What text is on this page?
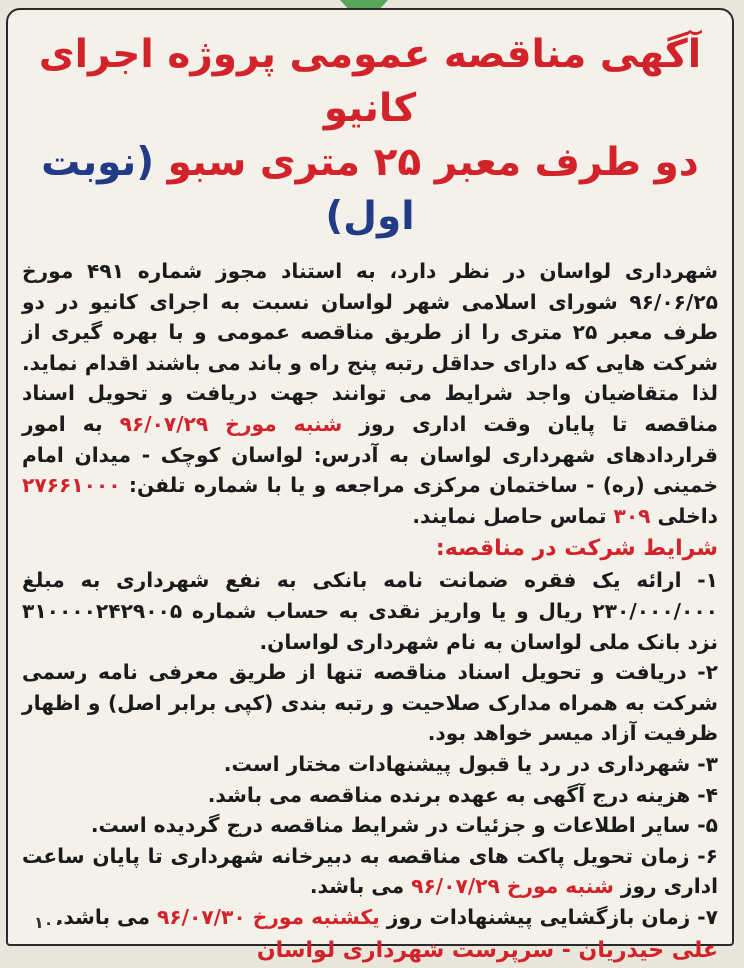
آگهی مناقصه عمومی پروژه اجرای کانیو
دو طرف معبر ۲۵ متری سبو (نوبت اول)

شهرداری لواسان در نظر دارد، به استناد مجوز شماره ۴۹۱ مورخ ۹۶/۰۶/۲۵ شورای اسلامی شهر لواسان نسبت به اجرای کانیو در دو طرف معبر ۲۵ متری را از طریق مناقصه عمومی و با بهره گیری از شرکت هایی که دارای حداقل رتبه پنج راه و باند می باشند اقدام نماید. لذا متقاضیان واجد شرایط می توانند جهت دریافت و تحویل اسناد مناقصه تا پایان وقت اداری روز شنبه مورخ ۹۶/۰۷/۲۹ به امور قراردادهای شهرداری لواسان به آدرس: لواسان کوچک - میدان امام خمینی (ره) - ساختمان مرکزی مراجعه و یا با شماره تلفن: ۲۷۶۶۱۰۰۰ داخلی ۳۰۹ تماس حاصل نمایند.

شرایط شرکت در مناقصه:

۱- ارائه یک فقره ضمانت نامه بانکی به نفع شهرداری به مبلغ ۲۳۰/۰۰۰/۰۰۰ ریال و یا واریز نقدی به حساب شماره ۳۱۰۰۰۰۲۴۲۹۰۰۵ نزد بانک ملی لواسان به نام شهرداری لواسان.

۲- دریافت و تحویل اسناد مناقصه تنها از طریق معرفی نامه رسمی شرکت به همراه مدارک صلاحیت و رتبه بندی (کپی برابر اصل) و اظهار ظرفیت آزاد میسر خواهد بود.

۳- شهرداری در رد یا قبول پیشنهادات مختار است.

۴- هزینه درج آگهی به عهده برنده مناقصه می باشد.

۵- سایر اطلاعات و جزئیات در شرایط مناقصه درج گردیده است.

۶- زمان تحویل پاکت های مناقصه به دبیرخانه شهرداری تا پایان ساعت اداری روز شنبه مورخ ۹۶/۰۷/۲۹ می باشد.

۷- زمان بازگشایی پیشنهادات روز یکشنبه مورخ ۹۶/۰۷/۳۰ می باشد.

علی حیدریان - سرپرست شهرداری لواسان

۱۰۰
